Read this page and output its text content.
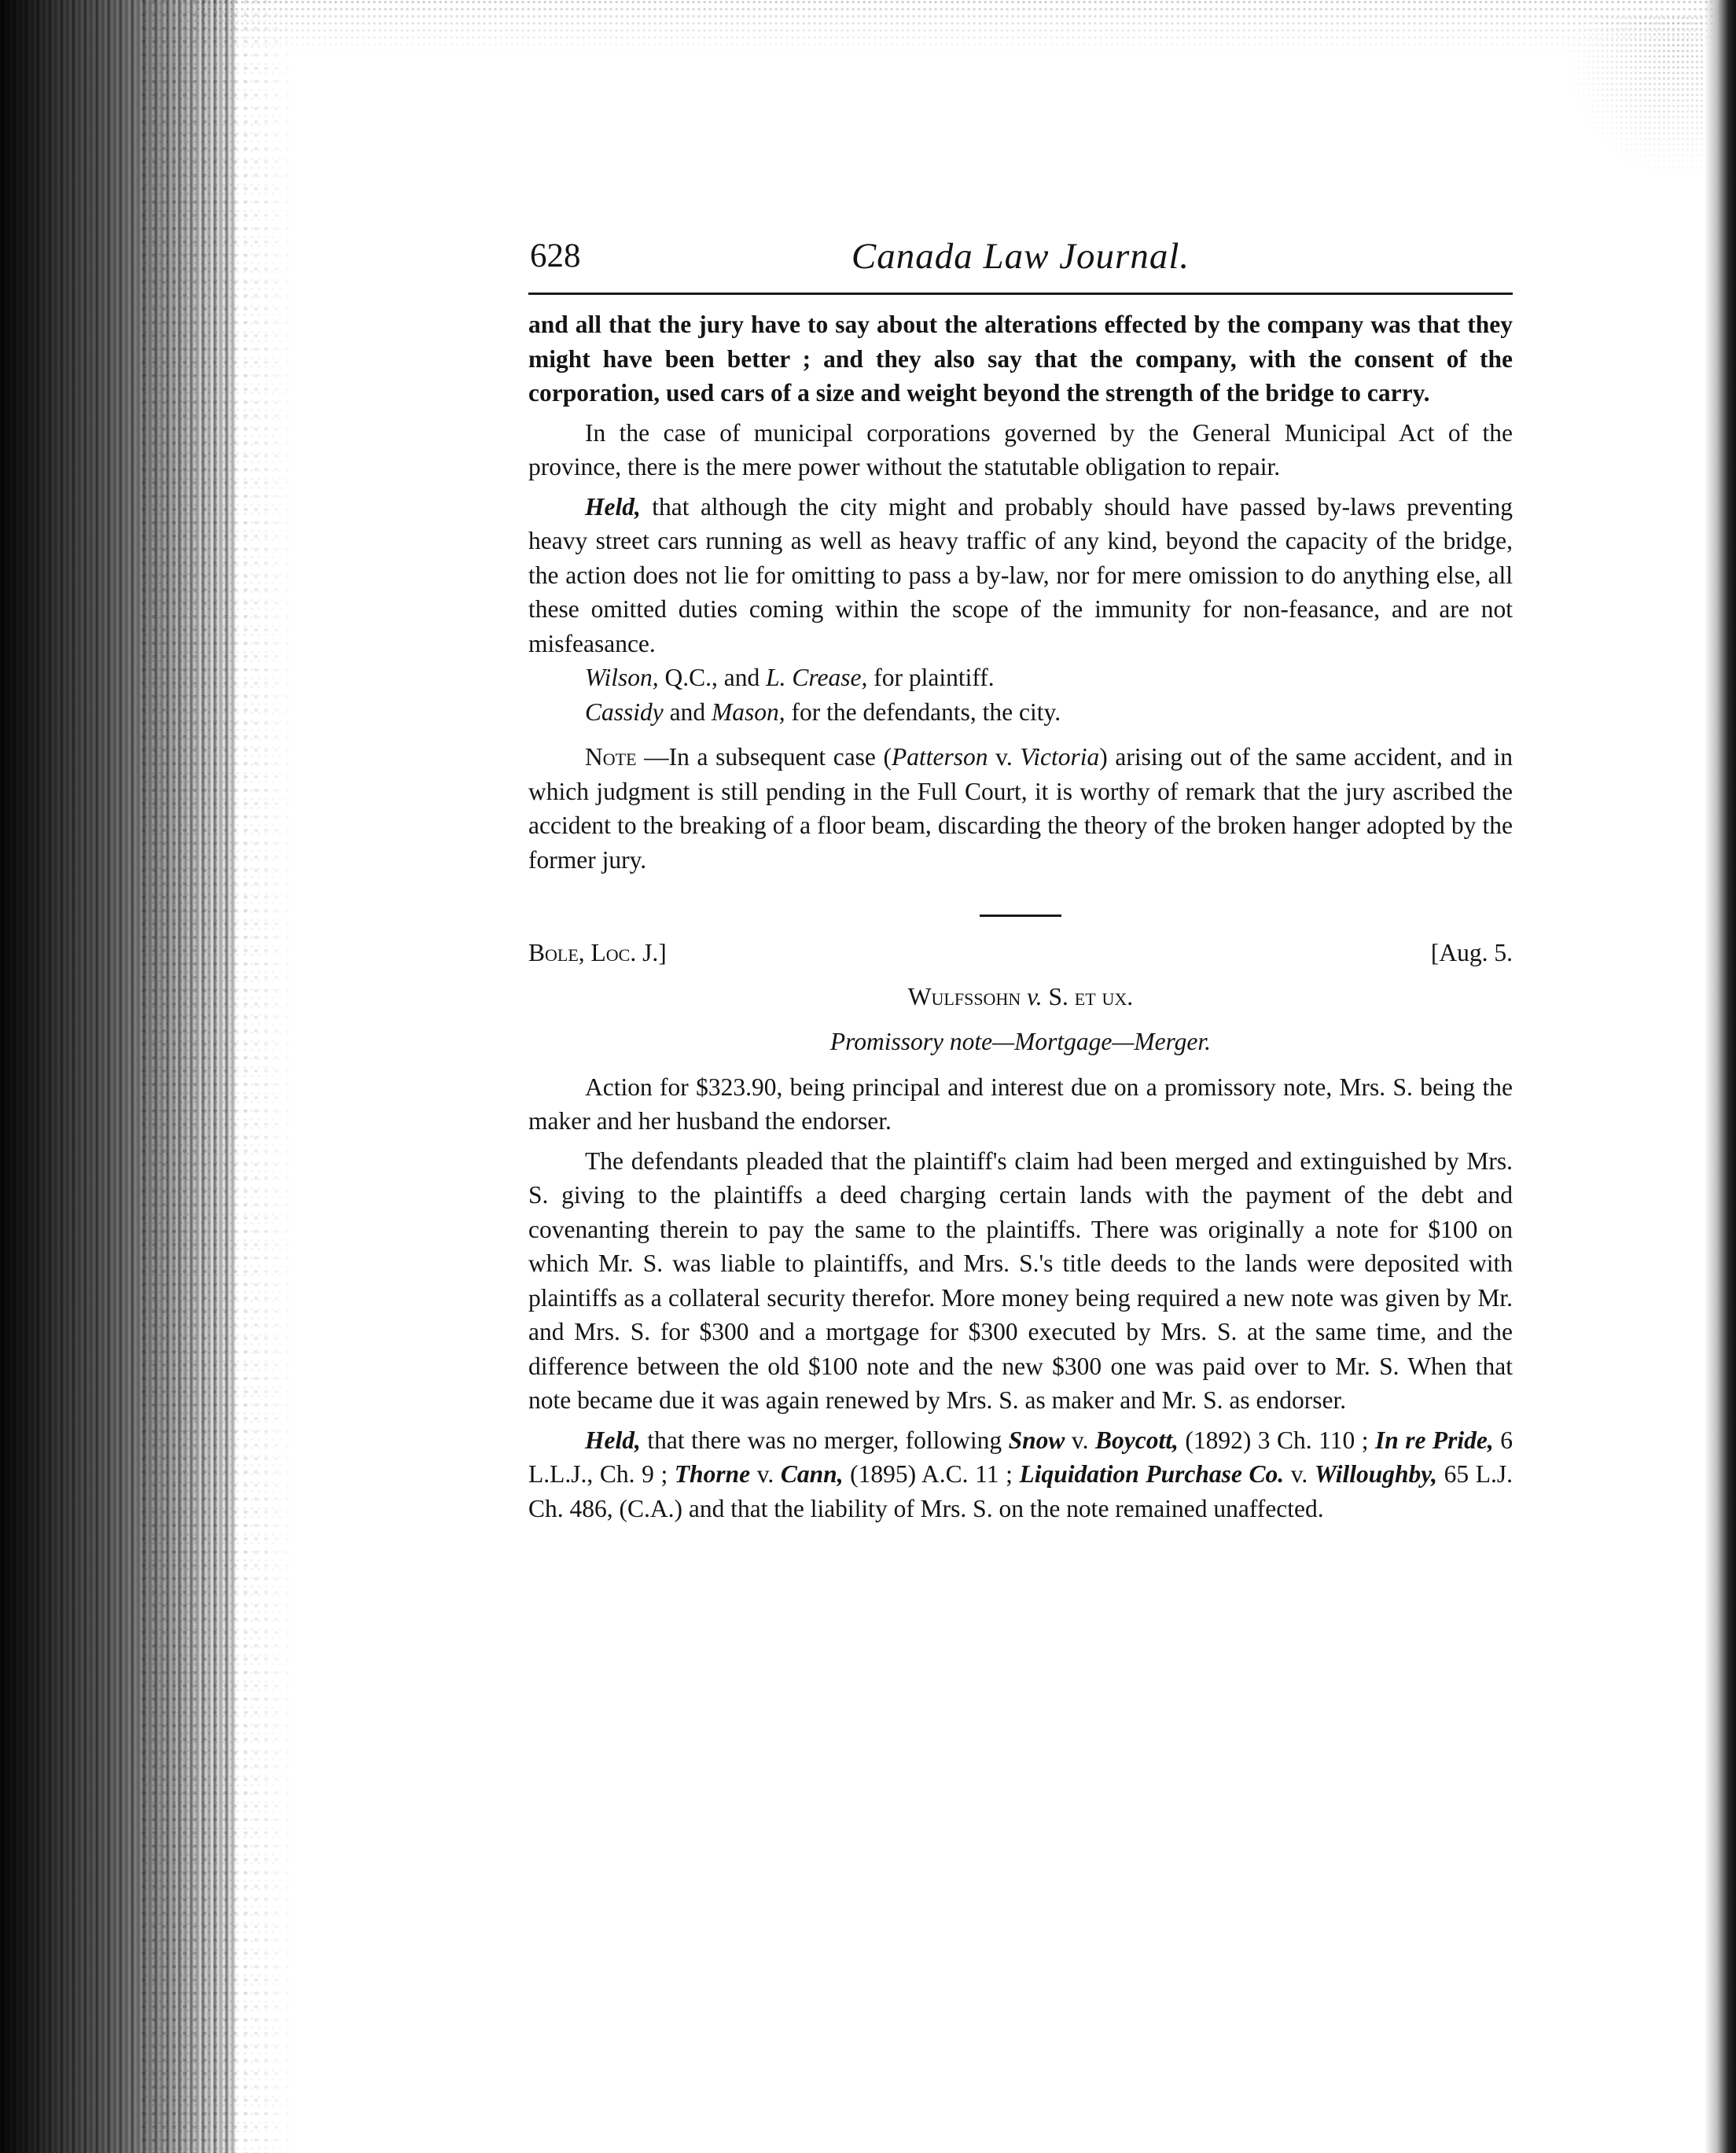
628	Canada Law Journal.

and all that the jury have to say about the alterations effected by the company was that they might have been better ; and they also say that the company, with the consent of the corporation, used cars of a size and weight beyond the strength of the bridge to carry.

In the case of municipal corporations governed by the General Municipal Act of the province, there is the mere power without the statutable obligation to repair.

Held, that although the city might and probably should have passed by-laws preventing heavy street cars running as well as heavy traffic of any kind, beyond the capacity of the bridge, the action does not lie for omitting to pass a by-law, nor for mere omission to do anything else, all these omitted duties coming within the scope of the immunity for non-feasance, and are not misfeasance.

Wilson, Q.C., and L. Crease, for plaintiff.

Cassidy and Mason, for the defendants, the city.

Note —In a subsequent case (Patterson v. Victoria) arising out of the same accident, and in which judgment is still pending in the Full Court, it is worthy of remark that the jury ascribed the accident to the breaking of a floor beam, discarding the theory of the broken hanger adopted by the former jury.

Bole, Loc. J.]	[Aug. 5.
Wulfssohn v. S. et ux.
Promissory note—Mortgage—Merger.

Action for $323.90, being principal and interest due on a promissory note, Mrs. S. being the maker and her husband the endorser.

The defendants pleaded that the plaintiff's claim had been merged and extinguished by Mrs. S. giving to the plaintiffs a deed charging certain lands with the payment of the debt and covenanting therein to pay the same to the plaintiffs. There was originally a note for $100 on which Mr. S. was liable to plaintiffs, and Mrs. S.'s title deeds to the lands were deposited with plaintiffs as a collateral security therefor. More money being required a new note was given by Mr. and Mrs. S. for $300 and a mortgage for $300 executed by Mrs. S. at the same time, and the difference between the old $100 note and the new $300 one was paid over to Mr. S. When that note became due it was again renewed by Mrs. S. as maker and Mr. S. as endorser.

Held, that there was no merger, following Snow v. Boycott, (1892) 3 Ch. 110 ; In re Pride, 6 L.L.J., Ch. 9 ; Thorne v. Cann, (1895) A.C. 11 ; Liquidation Purchase Co. v. Willoughby, 65 L.J. Ch. 486, (C.A.) and that the liability of Mrs. S. on the note remained unaffected.
